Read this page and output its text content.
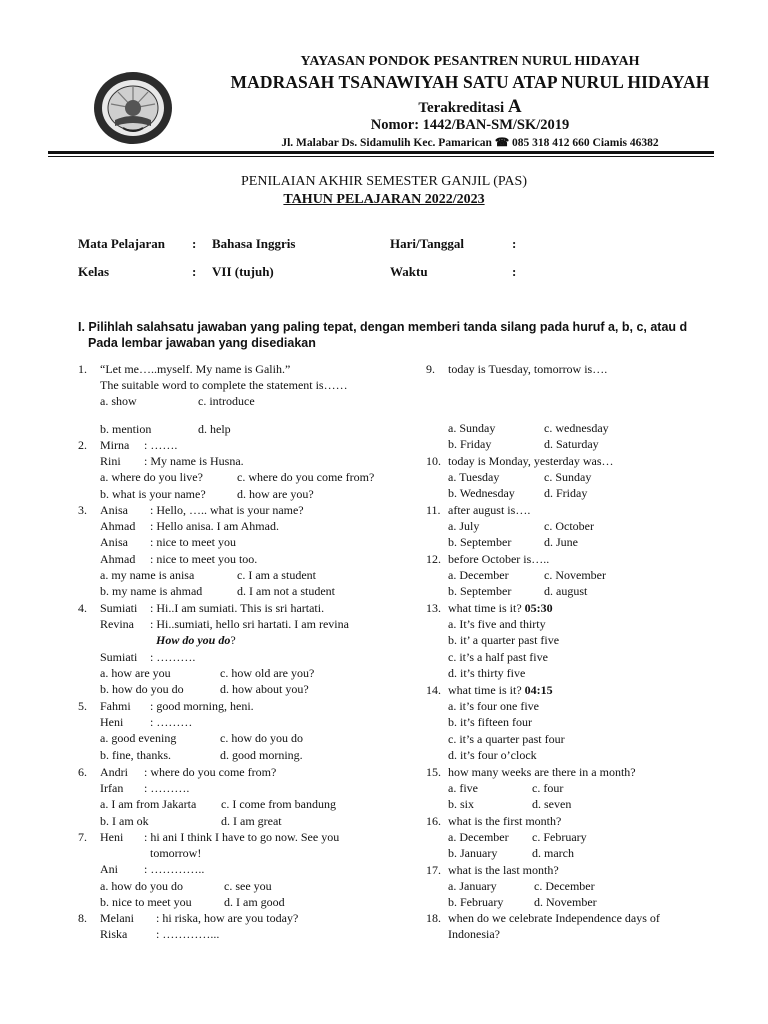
YAYASAN PONDOK PESANTREN NURUL HIDAYAH
MADRASAH TSANAWIYAH SATU ATAP NURUL HIDAYAH
Terakreditasi A
Nomor: 1442/BAN-SM/SK/2019
Jl. Malabar Ds. Sidamulih Kec. Pamarican ☎ 085 318 412 660 Ciamis 46382
PENILAIAN AKHIR SEMESTER GANJIL (PAS)
TAHUN PELAJARAN 2022/2023
Mata Pelajaran : Bahasa Inggris	Hari/Tanggal	:
Kelas	: VII (tujuh)	Waktu	:
I. Pilihlah salahsatu jawaban yang paling tepat, dengan memberi tanda silang pada huruf a, b, c, atau d
Pada lembar jawaban yang disediakan
1. “Let me…..myself. My name is Galih.”
The suitable word to complete the statement is……
a. show	c. introduce
b. mention	d. help
2. Mirna : …….
Rini : My name is Husna.
a. where do you live?	c. where do you come from?
b. what is your name?	d. how are you?
3. Anisa : Hello, ….. what is your name?
Ahmad : Hello anisa. I am Ahmad.
Anisa : nice to meet you
Ahmad : nice to meet you too.
a. my name is anisa	c. I am a student
b. my name is ahmad	d. I am not a student
4. Sumiati : Hi..I am sumiati. This is sri hartati.
Revina : Hi..sumiati, hello sri hartati. I am revina
How do you do?
Sumiati : ……….
a. how are you	c. how old are you?
b. how do you do	d. how about you?
5. Fahmi : good morning, heni.
Heni : ………
a. good evening	c. how do you do
b. fine, thanks.	d. good morning.
6. Andri : where do you come from?
Irfan : ……….
a. I am from Jakarta c. I come from bandung
b. I am ok	d. I am great
7. Heni : hi ani I think I have to go now. See you
tomorrow!
Ani : …………..
a. how do you do	c. see you
b. nice to meet you	d. I am good
8. Melani : hi riska, how are you today?
Riska : …………...
9. today is Tuesday, tomorrow is….
a. Sunday	c. wednesday
b. Friday	d. Saturday
10. today is Monday, yesterday was…
a. Tuesday	c. Sunday
b. Wednesday d. Friday
11. after august is….
a. July	c. October
b. September	d. June
12. before October is…..
a. December	c. November
b. September	d. august
13. what time is it? 05:30
a. It’s five and thirty
b. it’ a quarter past five
c. it’s a half past five
d. it’s thirty five
14. what time is it? 04:15
a. it’s four one five
b. it’s fifteen four
c. it’s a quarter past four
d. it’s four o’clock
15. how many weeks are there in a month?
a. five	c. four
b. six	d. seven
16. what is the first month?
a. December c. February
b. January	d. march
17. what is the last month?
a. January	c. December
b. February	d. November
18. when do we celebrate Independence days of
Indonesia?
